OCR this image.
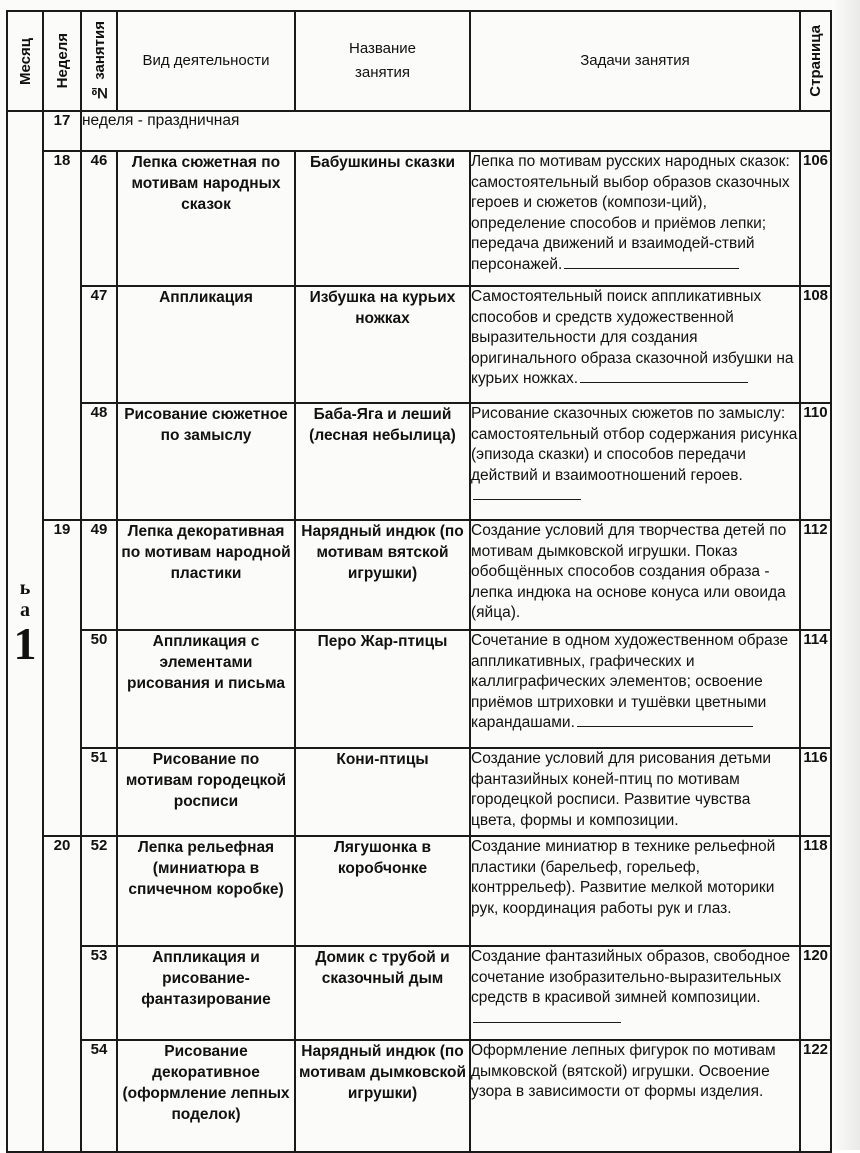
Месяц	Неделя	№ занятия	Вид деятельности	Название занятия	Задачи занятия	Страница

ь
а
1	17	неделя - праздничная				
	18	46	Лепка сюжетная по мотивам народных сказок	Бабушкины сказки	Лепка по мотивам русских народных сказок: самостоятельный выбор образов сказочных героев и сюжетов (компози-ций), определение способов и приёмов лепки; передача движений и взаимодей-ствий персонажей.	106
		47	Аппликация	Избушка на курьих ножках	Самостоятельный поиск аппликативных способов и средств художественной выразительности для создания оригинального образа сказочной избушки на курьих ножках.	108
		48	Рисование сюжетное по замыслу	Баба-Яга и леший (лесная небылица)	Рисование сказочных сюжетов по замыслу: самостоятельный отбор содержания рисунка (эпизода сказки) и способов передачи действий и взаимоотношений героев.	110
	19	49	Лепка декоративная по мотивам народной пластики	Нарядный индюк (по мотивам вятской игрушки)	Создание условий для творчества детей по мотивам дымковской игрушки. Показ обобщённых способов создания образа - лепка индюка на основе конуса или овоида (яйца).	112
		50	Аппликация с элементами рисования и письма	Перо Жар-птицы	Сочетание в одном художественном образе аппликативных, графических и каллиграфических элементов; освоение приёмов штриховки и тушёвки цветными карандашами.	114
		51	Рисование по мотивам городецкой росписи	Кони-птицы	Создание условий для рисования детьми фантазийных коней-птиц по мотивам городецкой росписи. Развитие чувства цвета, формы и композиции.	116
	20	52	Лепка рельефная (миниатюра в спичечном коробке)	Лягушонка в коробчонке	Создание миниатюр в технике рельефной пластики (барельеф, горельеф, контррельеф). Развитие мелкой моторики рук, координация работы рук и глаз.	118
		53	Аппликация и рисование-фантазирование	Домик с трубой и сказочный дым	Создание фантазийных образов, свободное сочетание изобразительно-выразительных средств в красивой зимней композиции.	120
		54	Рисование декоративное (оформление лепных поделок)	Нарядный индюк (по мотивам дымковской игрушки)	Оформление лепных фигурок по мотивам дымковской (вятской) игрушки. Освоение узора в зависимости от формы изделия.	122
